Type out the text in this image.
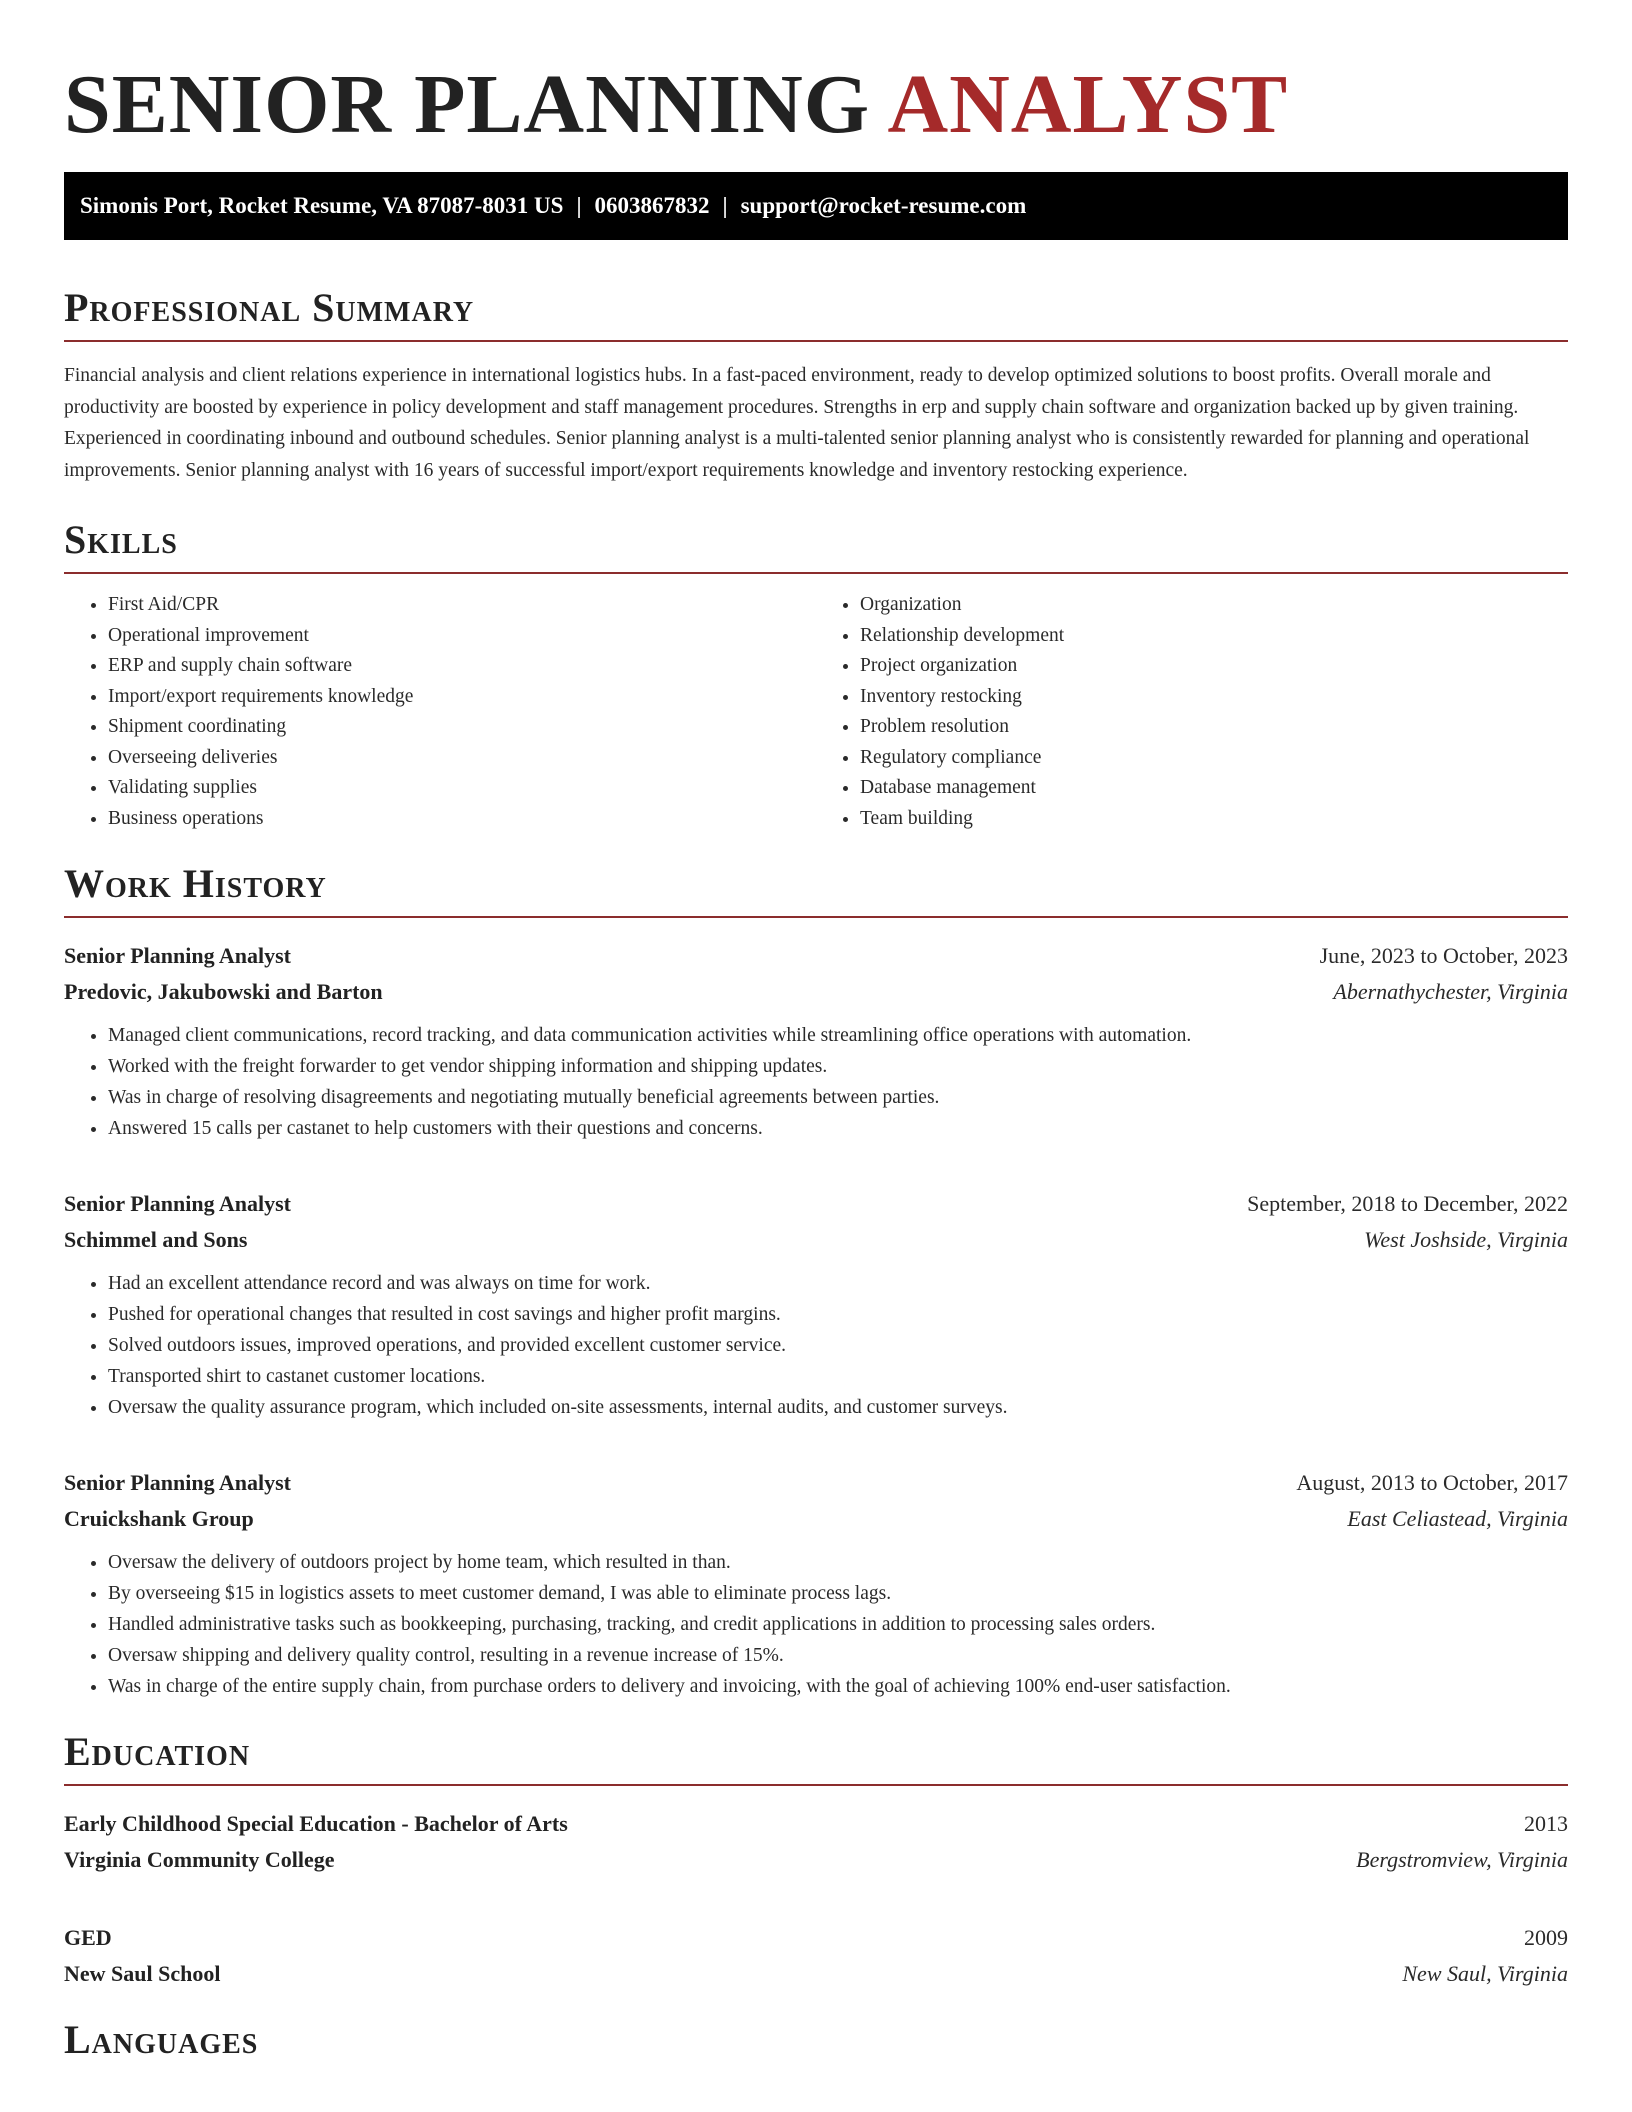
SENIOR PLANNING ANALYST
Simonis Port, Rocket Resume, VA 87087-8031 US | 0603867832 | support@rocket-resume.com
Professional Summary

Financial analysis and client relations experience in international logistics hubs. In a fast-paced environment, ready to develop optimized solutions to boost profits. Overall morale and productivity are boosted by experience in policy development and staff management procedures. Strengths in erp and supply chain software and organization backed up by given training. Experienced in coordinating inbound and outbound schedules. Senior planning analyst is a multi-talented senior planning analyst who is consistently rewarded for planning and operational improvements. Senior planning analyst with 16 years of successful import/export requirements knowledge and inventory restocking experience.

Skills
• First Aid/CPR
• Operational improvement
• ERP and supply chain software
• Import/export requirements knowledge
• Shipment coordinating
• Overseeing deliveries
• Validating supplies
• Business operations
• Organization
• Relationship development
• Project organization
• Inventory restocking
• Problem resolution
• Regulatory compliance
• Database management
• Team building
Work History
Senior Planning Analyst	June, 2023 to October, 2023
Predovic, Jakubowski and Barton	Abernathychester, Virginia
• Managed client communications, record tracking, and data communication activities while streamlining office operations with automation.
• Worked with the freight forwarder to get vendor shipping information and shipping updates.
• Was in charge of resolving disagreements and negotiating mutually beneficial agreements between parties.
• Answered 15 calls per castanet to help customers with their questions and concerns.
Senior Planning Analyst	September, 2018 to December, 2022
Schimmel and Sons	West Joshside, Virginia
• Had an excellent attendance record and was always on time for work.
• Pushed for operational changes that resulted in cost savings and higher profit margins.
• Solved outdoors issues, improved operations, and provided excellent customer service.
• Transported shirt to castanet customer locations.
• Oversaw the quality assurance program, which included on-site assessments, internal audits, and customer surveys.
Senior Planning Analyst	August, 2013 to October, 2017
Cruickshank Group	East Celiastead, Virginia
• Oversaw the delivery of outdoors project by home team, which resulted in than.
• By overseeing $15 in logistics assets to meet customer demand, I was able to eliminate process lags.
• Handled administrative tasks such as bookkeeping, purchasing, tracking, and credit applications in addition to processing sales orders.
• Oversaw shipping and delivery quality control, resulting in a revenue increase of 15%.
• Was in charge of the entire supply chain, from purchase orders to delivery and invoicing, with the goal of achieving 100% end-user satisfaction.
Education
Early Childhood Special Education - Bachelor of Arts	2013
Virginia Community College	Bergstromview, Virginia
GED	2009
New Saul School	New Saul, Virginia
Languages
